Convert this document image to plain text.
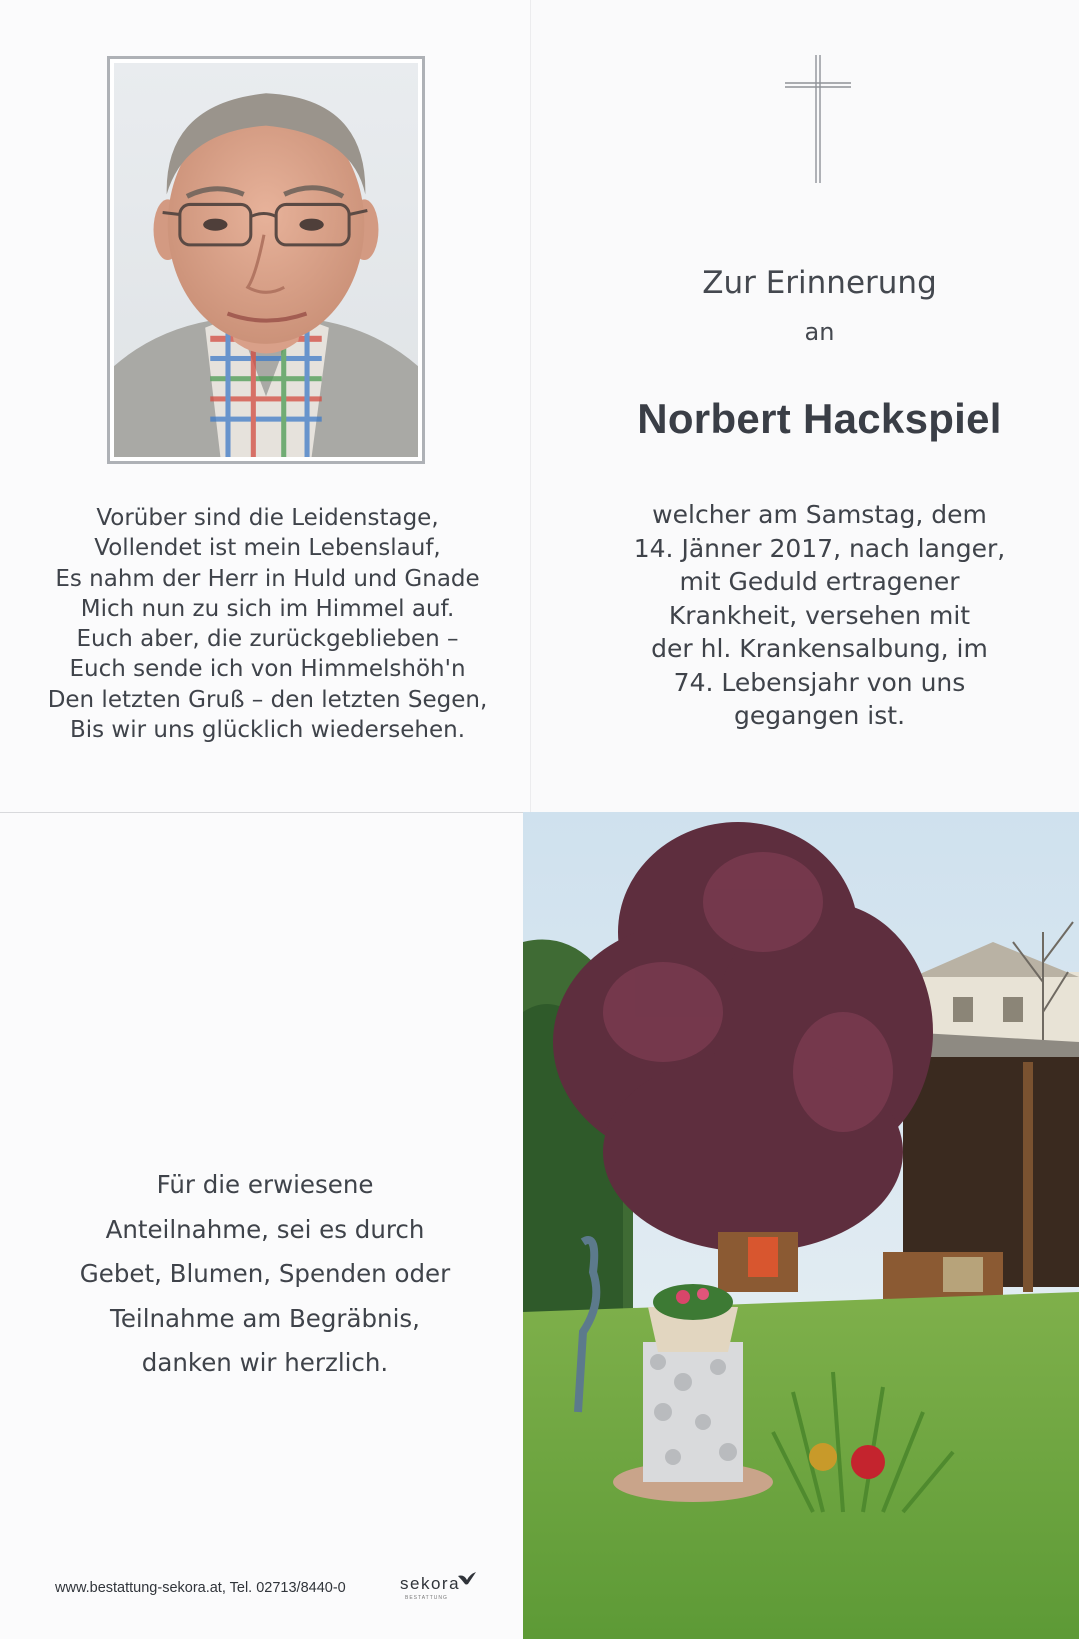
Vorüber sind die Leidenstage,
Vollendet ist mein Lebenslauf,
Es nahm der Herr in Huld und Gnade
Mich nun zu sich im Himmel auf.
Euch aber, die zurückgeblieben –
Euch sende ich von Himmelshöh'n
Den letzten Gruß – den letzten Segen,
Bis wir uns glücklich wiedersehen.
Zur Erinnerung
an
Norbert Hackspiel
welcher am Samstag, dem
14. Jänner 2017, nach langer,
mit Geduld ertragener
Krankheit, versehen mit
der hl. Krankensalbung, im
74. Lebensjahr von uns
gegangen ist.
Für die erwiesene
Anteilnahme, sei es durch
Gebet, Blumen, Spenden oder
Teilnahme am Begräbnis,
danken wir herzlich.
www.bestattung-sekora.at, Tel. 02713/8440-0	sekora
BESTATTUNG
